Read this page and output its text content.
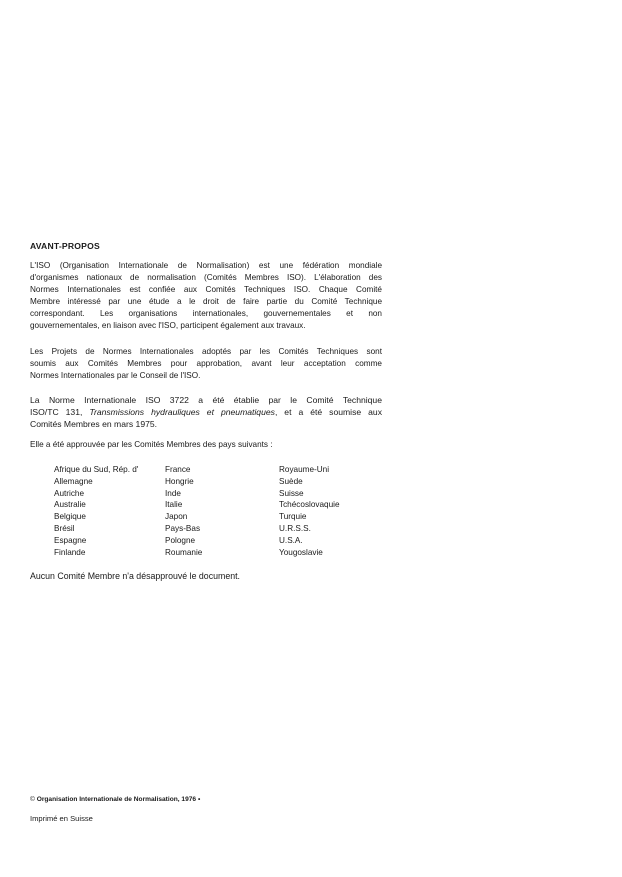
AVANT-PROPOS
L'ISO (Organisation Internationale de Normalisation) est une fédération mondiale
d'organismes nationaux de normalisation (Comités Membres ISO). L'élaboration des
Normes Internationales est confiée aux Comités Techniques ISO. Chaque Comité
Membre intéressé par une étude a le droit de faire partie du Comité Technique
correspondant. Les organisations internationales, gouvernementales et non
gouvernementales, en liaison avec l'ISO, participent également aux travaux.
Les Projets de Normes Internationales adoptés par les Comités Techniques sont
soumis aux Comités Membres pour approbation, avant leur acceptation comme
Normes Internationales par le Conseil de l'ISO.
La Norme Internationale ISO 3722 a été établie par le Comité Technique
ISO/TC 131, Transmissions hydrauliques et pneumatiques, et a été soumise aux
Comités Membres en mars 1975.
Elle a été approuvée par les Comités Membres des pays suivants :
Afrique du Sud, Rép. d'
Allemagne
Autriche
Australie
Belgique
Brésil
Espagne
Finlande
France
Hongrie
Inde
Italie
Japon
Pays-Bas
Pologne
Roumanie
Royaume-Uni
Suède
Suisse
Tchécoslovaquie
Turquie
U.R.S.S.
U.S.A.
Yougoslavie
Aucun Comité Membre n'a désapprouvé le document.
© Organisation Internationale de Normalisation, 1976 •
Imprimé en Suisse
